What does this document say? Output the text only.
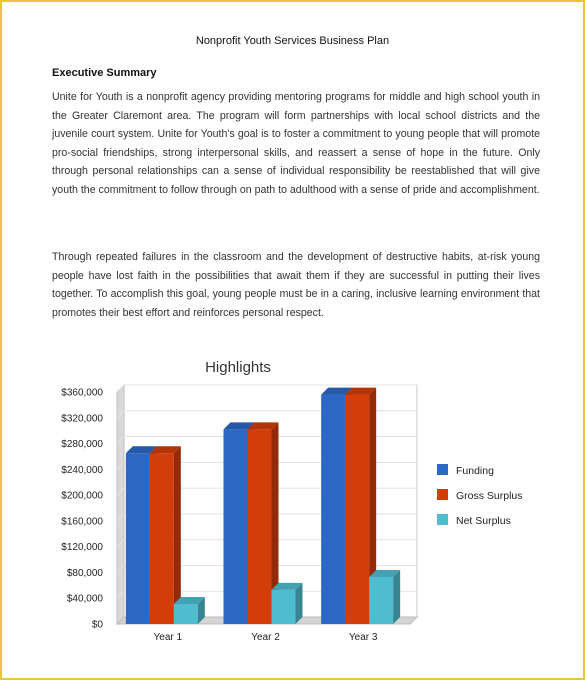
Nonprofit Youth Services Business Plan
Executive Summary
Unite for Youth is a nonprofit agency providing mentoring programs for middle and high school youth in the Greater Claremont area. The program will form partnerships with local school districts and the juvenile court system. Unite for Youth's goal is to foster a commitment to young people that will promote pro-social friendships, strong interpersonal skills, and reassert a sense of hope in the future. Only through personal relationships can a sense of individual responsibility be reestablished that will give youth the commitment to follow through on path to adulthood with a sense of pride and accomplishment.
Through repeated failures in the classroom and the development of destructive habits, at-risk young people have lost faith in the possibilities that await them if they are successful in putting their lives together. To accomplish this goal, young people must be in a caring, inclusive learning environment that promotes their best effort and reinforces personal respect.
Highlights
$0
$40,000
$80,000
$120,000
$160,000
$200,000
$240,000
$280,000
$320,000
$360,000
Year 1	Year 2	Year 3
Funding
Gross Surplus
Net Surplus
